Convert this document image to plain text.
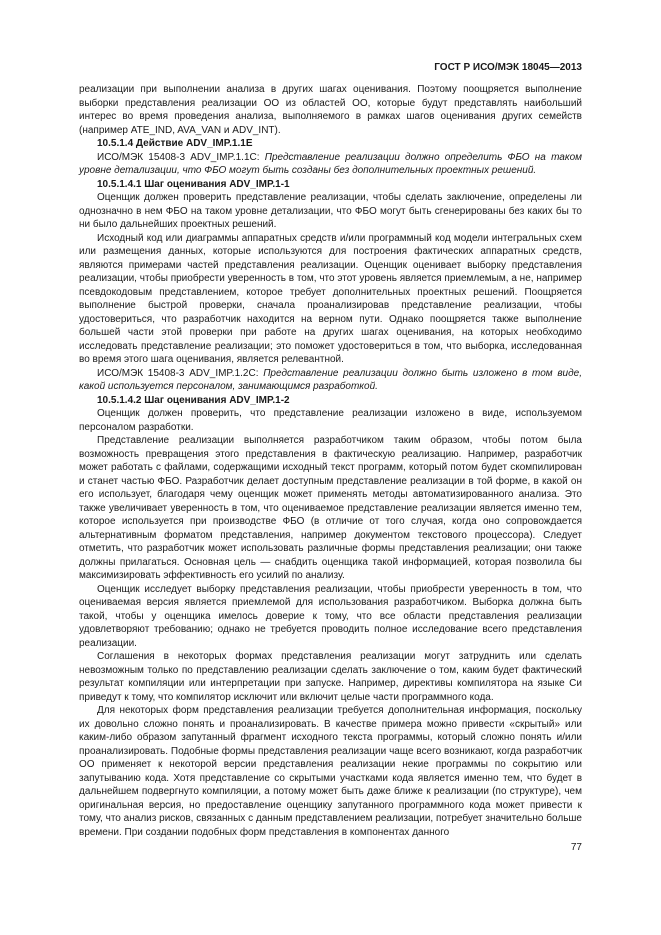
ГОСТ Р ИСО/МЭК 18045—2013

реализации при выполнении анализа в других шагах оценивания. Поэтому поощряется выполнение выборки представления реализации ОО из областей ОО, которые будут представлять наибольший интерес во время проведения анализа, выполняемого в рамках шагов оценивания других семейств (например ATE_IND, AVA_VAN и ADV_INT).

10.5.1.4 Действие ADV_IMP.1.1E

ИСО/МЭК 15408-3 ADV_IMP.1.1C: Представление реализации должно определить ФБО на таком уровне детализации, что ФБО могут быть созданы без дополнительных проектных решений.

10.5.1.4.1 Шаг оценивания ADV_IMP.1-1

Оценщик должен проверить представление реализации, чтобы сделать заключение, определены ли однозначно в нем ФБО на таком уровне детализации, что ФБО могут быть сгенерированы без каких бы то ни было дальнейших проектных решений.

Исходный код или диаграммы аппаратных средств и/или программный код модели интегральных схем или размещения данных, которые используются для построения фактических аппаратных средств, являются примерами частей представления реализации. Оценщик оценивает выборку представления реализации, чтобы приобрести уверенность в том, что этот уровень является приемлемым, а не, например псевдокодовым представлением, которое требует дополнительных проектных решений. Поощряется выполнение быстрой проверки, сначала проанализировав представление реализации, чтобы удостовериться, что разработчик находится на верном пути. Однако поощряется также выполнение большей части этой проверки при работе на других шагах оценивания, на которых необходимо исследовать представление реализации; это поможет удостовериться в том, что выборка, исследованная во время этого шага оценивания, является релевантной.

ИСО/МЭК 15408-3 ADV_IMP.1.2C: Представление реализации должно быть изложено в том виде, какой используется персоналом, занимающимся разработкой.

10.5.1.4.2 Шаг оценивания ADV_IMP.1-2

Оценщик должен проверить, что представление реализации изложено в виде, используемом персоналом разработки.

Представление реализации выполняется разработчиком таким образом, чтобы потом была возможность превращения этого представления в фактическую реализацию. Например, разработчик может работать с файлами, содержащими исходный текст программ, который потом будет скомпилирован и станет частью ФБО. Разработчик делает доступным представление реализации в той форме, в какой он его использует, благодаря чему оценщик может применять методы автоматизированного анализа. Это также увеличивает уверенность в том, что оцениваемое представление реализации является именно тем, которое используется при производстве ФБО (в отличие от того случая, когда оно сопровождается альтернативным форматом представления, например документом текстового процессора). Следует отметить, что разработчик может использовать различные формы представления реализации; они также должны прилагаться. Основная цель — снабдить оценщика такой информацией, которая позволила бы максимизировать эффективность его усилий по анализу.

Оценщик исследует выборку представления реализации, чтобы приобрести уверенность в том, что оцениваемая версия является приемлемой для использования разработчиком. Выборка должна быть такой, чтобы у оценщика имелось доверие к тому, что все области представления реализации удовлетворяют требованию; однако не требуется проводить полное исследование всего представления реализации.

Соглашения в некоторых формах представления реализации могут затруднить или сделать невозможным только по представлению реализации сделать заключение о том, каким будет фактический результат компиляции или интерпретации при запуске. Например, директивы компилятора на языке Си приведут к тому, что компилятор исключит или включит целые части программного кода.

Для некоторых форм представления реализации требуется дополнительная информация, поскольку их довольно сложно понять и проанализировать. В качестве примера можно привести «скрытый» или каким-либо образом запутанный фрагмент исходного текста программы, который сложно понять и/или проанализировать. Подобные формы представления реализации чаще всего возникают, когда разработчик ОО применяет к некоторой версии представления реализации некие программы по сокрытию или запутыванию кода. Хотя представление со скрытыми участками кода является именно тем, что будет в дальнейшем подвергнуто компиляции, а потому может быть даже ближе к реализации (по структуре), чем оригинальная версия, но предоставление оценщику запутанного программного кода может привести к тому, что анализ рисков, связанных с данным представлением реализации, потребует значительно больше времени. При создании подобных форм представления в компонентах данного

77
